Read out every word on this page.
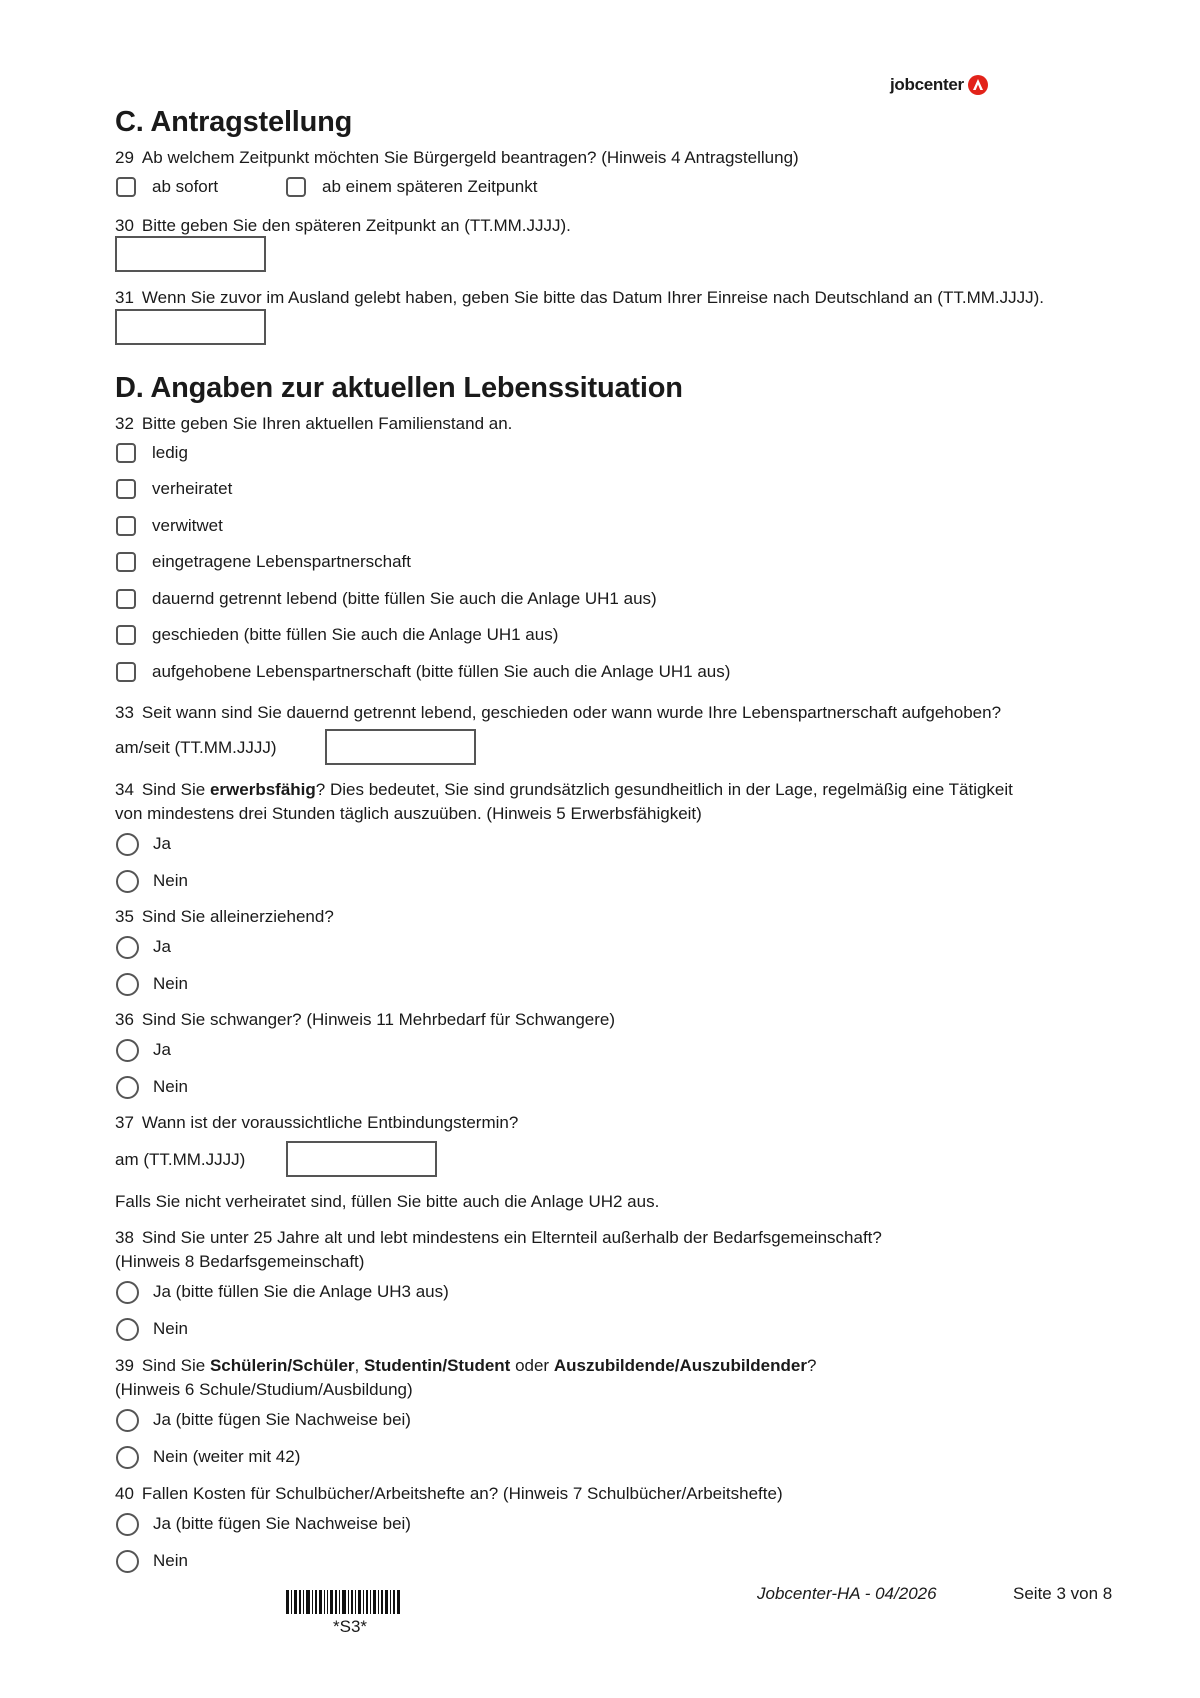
jobcenter
C. Antragstellung
29 Ab welchem Zeitpunkt möchten Sie Bürgergeld beantragen? (Hinweis 4 Antragstellung)
ab sofort	ab einem späteren Zeitpunkt
30 Bitte geben Sie den späteren Zeitpunkt an (TT.MM.JJJJ).
31 Wenn Sie zuvor im Ausland gelebt haben, geben Sie bitte das Datum Ihrer Einreise nach Deutschland an (TT.MM.JJJJ).
D. Angaben zur aktuellen Lebenssituation
32 Bitte geben Sie Ihren aktuellen Familienstand an.
ledig
verheiratet
verwitwet
eingetragene Lebenspartnerschaft
dauernd getrennt lebend (bitte füllen Sie auch die Anlage UH1 aus)
geschieden (bitte füllen Sie auch die Anlage UH1 aus)
aufgehobene Lebenspartnerschaft (bitte füllen Sie auch die Anlage UH1 aus)
33 Seit wann sind Sie dauernd getrennt lebend, geschieden oder wann wurde Ihre Lebenspartnerschaft aufgehoben?
am/seit (TT.MM.JJJJ)
34 Sind Sie erwerbsfähig? Dies bedeutet, Sie sind grundsätzlich gesundheitlich in der Lage, regelmäßig eine Tätigkeit
von mindestens drei Stunden täglich auszuüben. (Hinweis 5 Erwerbsfähigkeit)
Ja
Nein
35 Sind Sie alleinerziehend?
Ja
Nein
36 Sind Sie schwanger? (Hinweis 11 Mehrbedarf für Schwangere)
Ja
Nein
37 Wann ist der voraussichtliche Entbindungstermin?
am (TT.MM.JJJJ)
Falls Sie nicht verheiratet sind, füllen Sie bitte auch die Anlage UH2 aus.
38 Sind Sie unter 25 Jahre alt und lebt mindestens ein Elternteil außerhalb der Bedarfsgemeinschaft?
(Hinweis 8 Bedarfsgemeinschaft)
Ja (bitte füllen Sie die Anlage UH3 aus)
Nein
39 Sind Sie Schülerin/Schüler, Studentin/Student oder Auszubildende/Auszubildender?
(Hinweis 6 Schule/Studium/Ausbildung)
Ja (bitte fügen Sie Nachweise bei)
Nein (weiter mit 42)
40 Fallen Kosten für Schulbücher/Arbeitshefte an? (Hinweis 7 Schulbücher/Arbeitshefte)
Ja (bitte fügen Sie Nachweise bei)
Nein
*S3*
Jobcenter-HA - 04/2026	Seite 3 von 8
